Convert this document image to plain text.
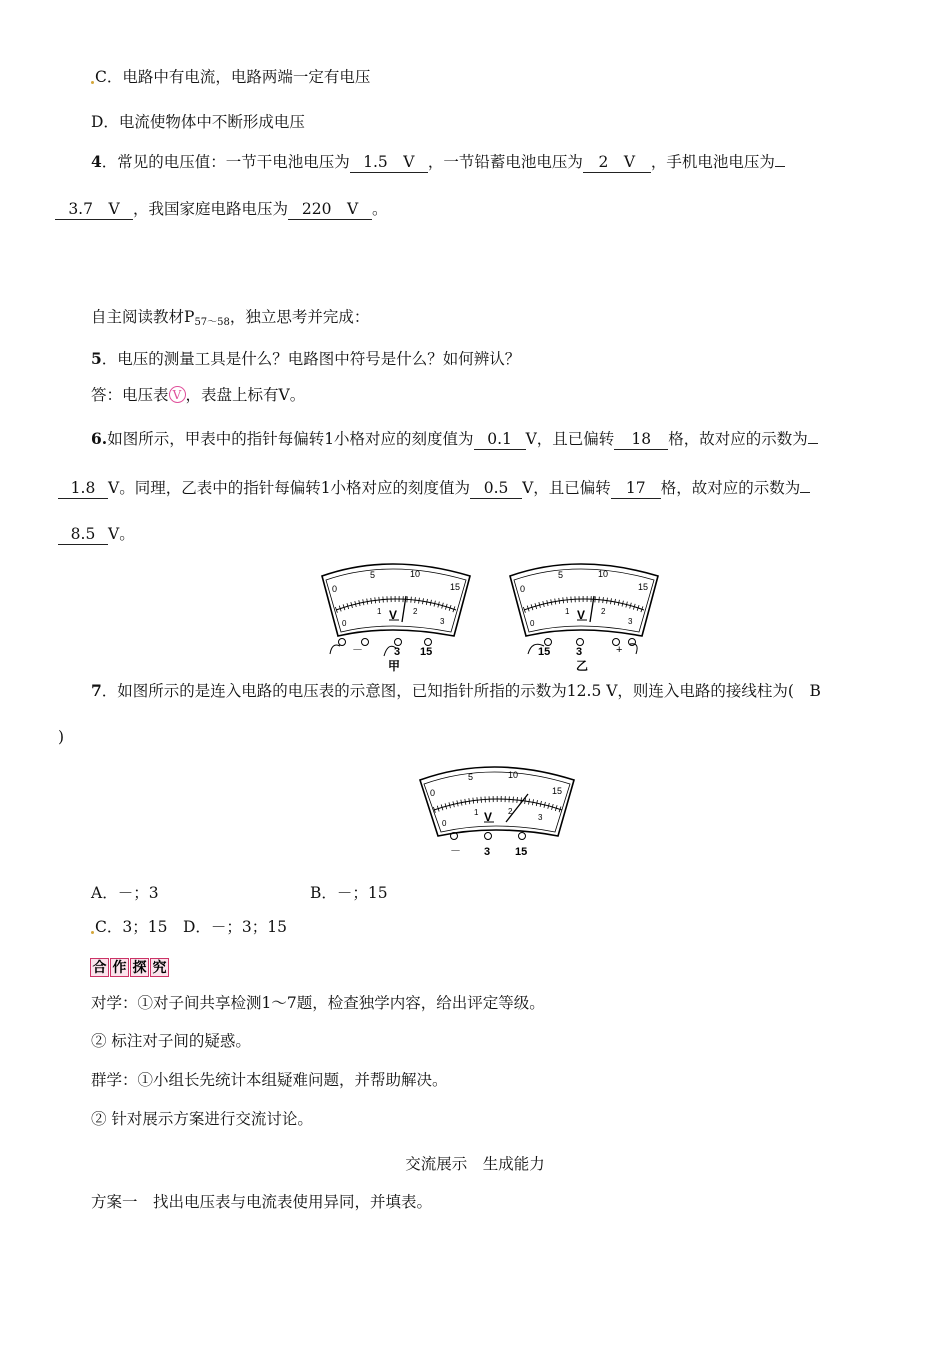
C．电路中有电流，电路两端一定有电压
D．电流使物体中不断形成电压
4．常见的电压值：一节干电池电压为 1.5　V ，一节铅蓄电池电压为 2　V ，手机电池电压为
3.7　V ，我国家庭电路电压为 220　V 。
自主阅读教材$P_{57\sim 58}$，独立思考并完成：
5．电压的测量工具是什么？电路图中符号是什么？如何辨认？
答：电压表 V ，表盘上标有V。
6.如图所示，甲表中的指针每偏转1小格对应的刻度值为 0.1 V，且已偏转 18 格，故对应的示数为
1.8 V。同理，乙表中的指针每偏转1小格对应的刻度值为 0.5 V，且已偏转 17 格，故对应的示数为
8.5 V。
0
5	10
15
0
1	2
3
V
－	3 15
甲
0
5	10
15
0
1	2
3
V
15 3	+
乙
7．如图所示的是连入电路的电压表的示意图，已知指针所指的示数为12.5 V，则连入电路的接线柱为(　B
)
0
5	10
15
0
1	2
3
V
－ 3 15
A．－；3	B．－；15
C．3；15　D．－；3；15
合 作 探 究
对学：①对子间共享检测1～7题，检查独学内容，给出评定等级。
② 标注对子间的疑惑。
群学：①小组长先统计本组疑难问题，并帮助解决。
② 针对展示方案进行交流讨论。
交流展示　生成能力
方案一　找出电压表与电流表使用异同，并填表。
